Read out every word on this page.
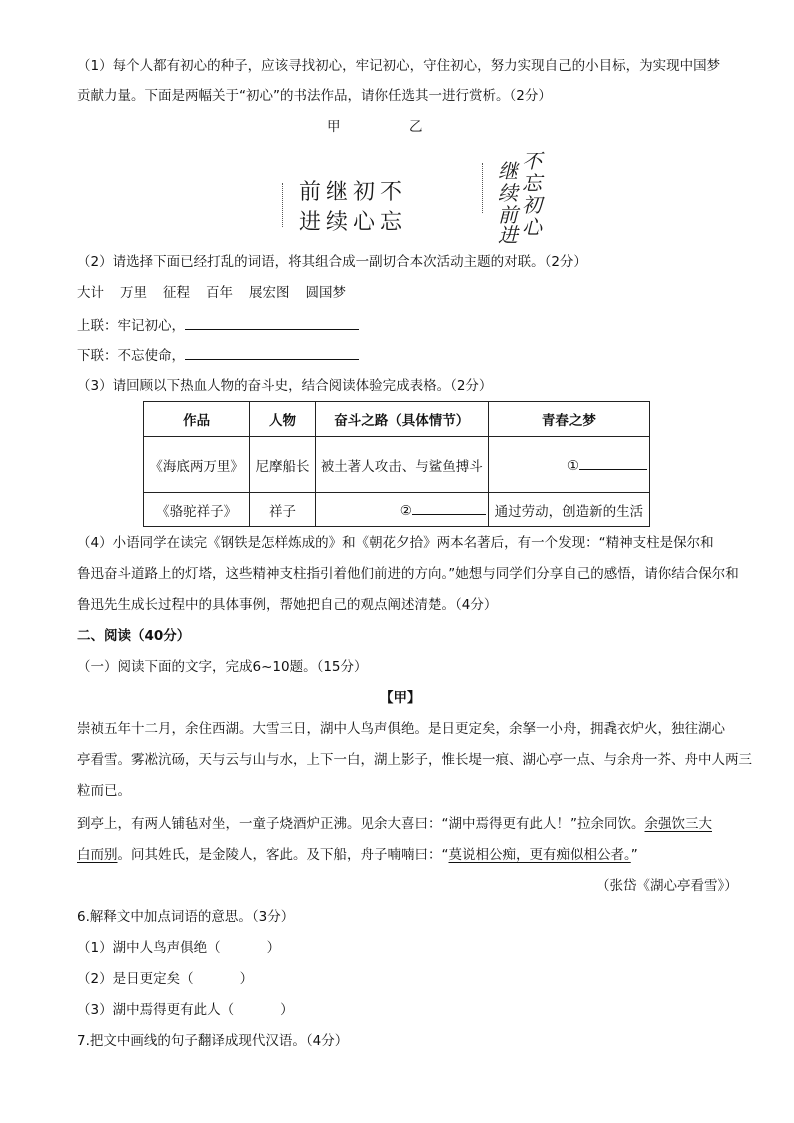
（1）每个人都有初心的种子，应该寻找初心，牢记初心，守住初心，努力实现自己的小目标，为实现中国梦
贡献力量。下面是两幅关于“初心”的书法作品，请你任选其一进行赏析。（2分）
甲	乙
不
忘
初
心
继
续
前
进
不
忘
初
心
继
续
前
进
（2）请选择下面已经打乱的词语，将其组合成一副切合本次活动主题的对联。（2分）
大计 万里 征程 百年 展宏图 圆国梦
上联：牢记初心，
下联：不忘使命，
（3）请回顾以下热血人物的奋斗史，结合阅读体验完成表格。（2分）
作品	人物	奋斗之路（具体情节）	青春之梦
《海底两万里》	尼摩船长	被土著人攻击、与鲨鱼搏斗	①
《骆驼祥子》	祥子	②	通过劳动，创造新的生活
（4）小语同学在读完《钢铁是怎样炼成的》和《朝花夕拾》两本名著后，有一个发现：“精神支柱是保尔和
鲁迅奋斗道路上的灯塔，这些精神支柱指引着他们前进的方向。”她想与同学们分享自己的感悟，请你结合保尔和
鲁迅先生成长过程中的具体事例，帮她把自己的观点阐述清楚。（4分）
二、阅读（40分）
（一）阅读下面的文字，完成6~10题。（15分）
【甲】
崇祯五年十二月，余住西湖。大雪三日，湖中人鸟声俱绝。是日更定矣，余拏一小舟，拥毳衣炉火，独往湖心
亭看雪。雾凇沆砀，天与云与山与水，上下一白，湖上影子，惟长堤一痕、湖心亭一点、与余舟一芥、舟中人两三
粒而已。
到亭上，有两人铺毡对坐，一童子烧酒炉正沸。见余大喜曰：“湖中焉得更有此人！”拉余同饮。余强饮三大
白而别。问其姓氏，是金陵人，客此。及下船，舟子喃喃曰：“莫说相公痴，更有痴似相公者。”
（张岱《湖心亭看雪》）
6.解释文中加点词语的意思。（3分）
（1）湖中人鸟声俱绝（	）
（2）是日更定矣（	）
（3）湖中焉得更有此人（	）
7.把文中画线的句子翻译成现代汉语。（4分）
